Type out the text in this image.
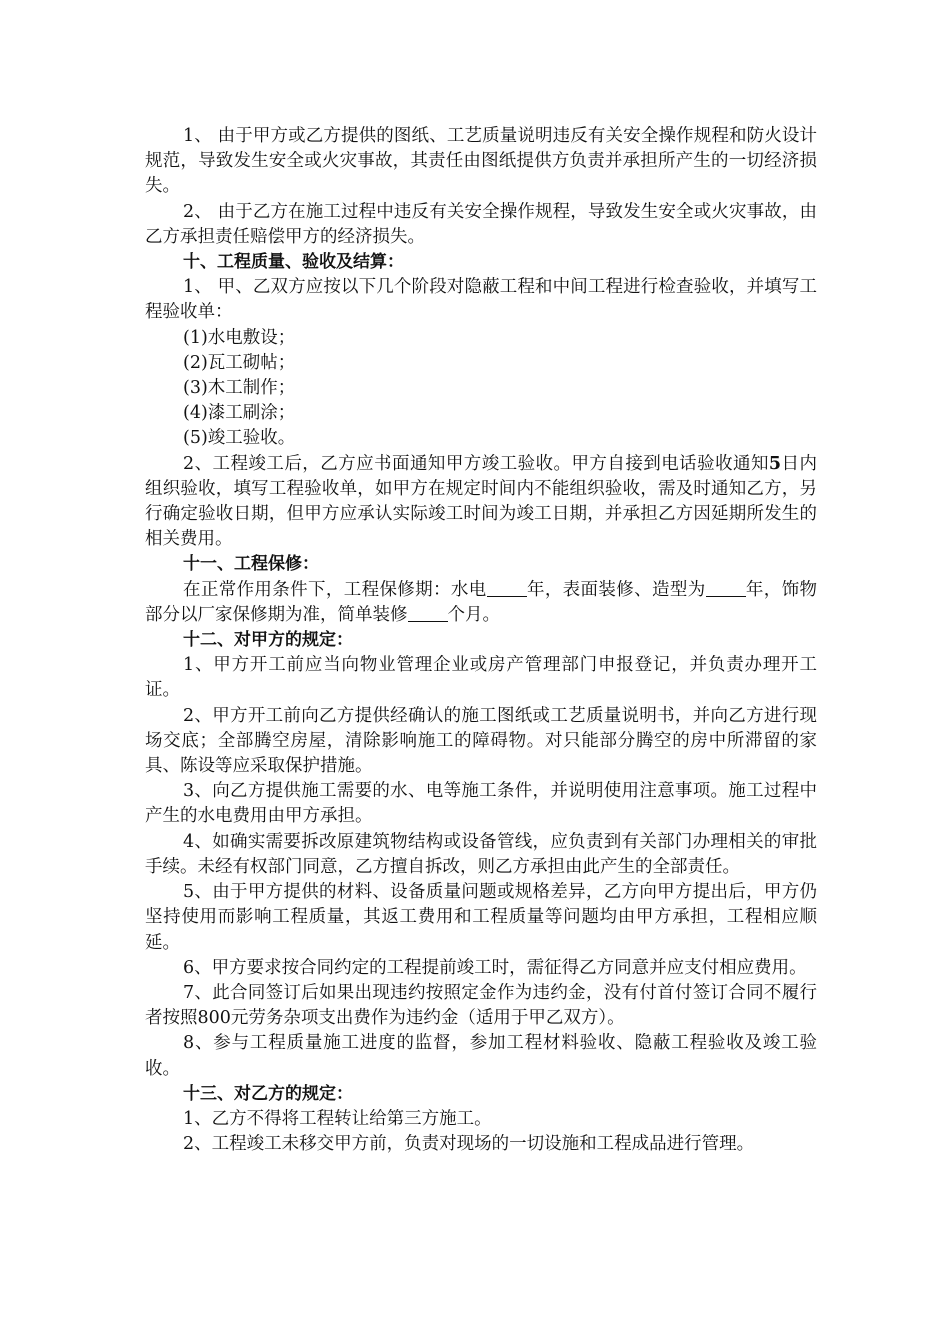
1、 由于甲方或乙方提供的图纸、工艺质量说明违反有关安全操作规程和防火设计规范，导致发生安全或火灾事故，其责任由图纸提供方负责并承担所产生的一切经济损失。

2、 由于乙方在施工过程中违反有关安全操作规程，导致发生安全或火灾事故，由乙方承担责任赔偿甲方的经济损失。

十、工程质量、验收及结算：

1、 甲、乙双方应按以下几个阶段对隐蔽工程和中间工程进行检查验收，并填写工程验收单：

(1)水电敷设；

(2)瓦工砌帖；

(3)木工制作；

(4)漆工刷涂；

(5)竣工验收。

2、工程竣工后，乙方应书面通知甲方竣工验收。甲方自接到电话验收通知5日内组织验收，填写工程验收单，如甲方在规定时间内不能组织验收，需及时通知乙方，另行确定验收日期，但甲方应承认实际竣工时间为竣工日期，并承担乙方因延期所发生的相关费用。

十一、工程保修：

在正常作用条件下，工程保修期：水电 年，表面装修、造型为 年，饰物部分以厂家保修期为准，简单装修 个月。

十二、对甲方的规定：

1、甲方开工前应当向物业管理企业或房产管理部门申报登记，并负责办理开工证。

2、甲方开工前向乙方提供经确认的施工图纸或工艺质量说明书，并向乙方进行现场交底；全部腾空房屋，清除影响施工的障碍物。对只能部分腾空的房中所滞留的家具、陈设等应采取保护措施。

3、向乙方提供施工需要的水、电等施工条件，并说明使用注意事项。施工过程中产生的水电费用由甲方承担。

4、如确实需要拆改原建筑物结构或设备管线，应负责到有关部门办理相关的审批手续。未经有权部门同意，乙方擅自拆改，则乙方承担由此产生的全部责任。

5、由于甲方提供的材料、设备质量问题或规格差异，乙方向甲方提出后，甲方仍坚持使用而影响工程质量，其返工费用和工程质量等问题均由甲方承担，工程相应顺延。

6、甲方要求按合同约定的工程提前竣工时，需征得乙方同意并应支付相应费用。

7、此合同签订后如果出现违约按照定金作为违约金，没有付首付签订合同不履行者按照800元劳务杂项支出费作为违约金（适用于甲乙双方）。

8、参与工程质量施工进度的监督，参加工程材料验收、隐蔽工程验收及竣工验收。

十三、对乙方的规定：

1、乙方不得将工程转让给第三方施工。

2、工程竣工未移交甲方前，负责对现场的一切设施和工程成品进行管理。
